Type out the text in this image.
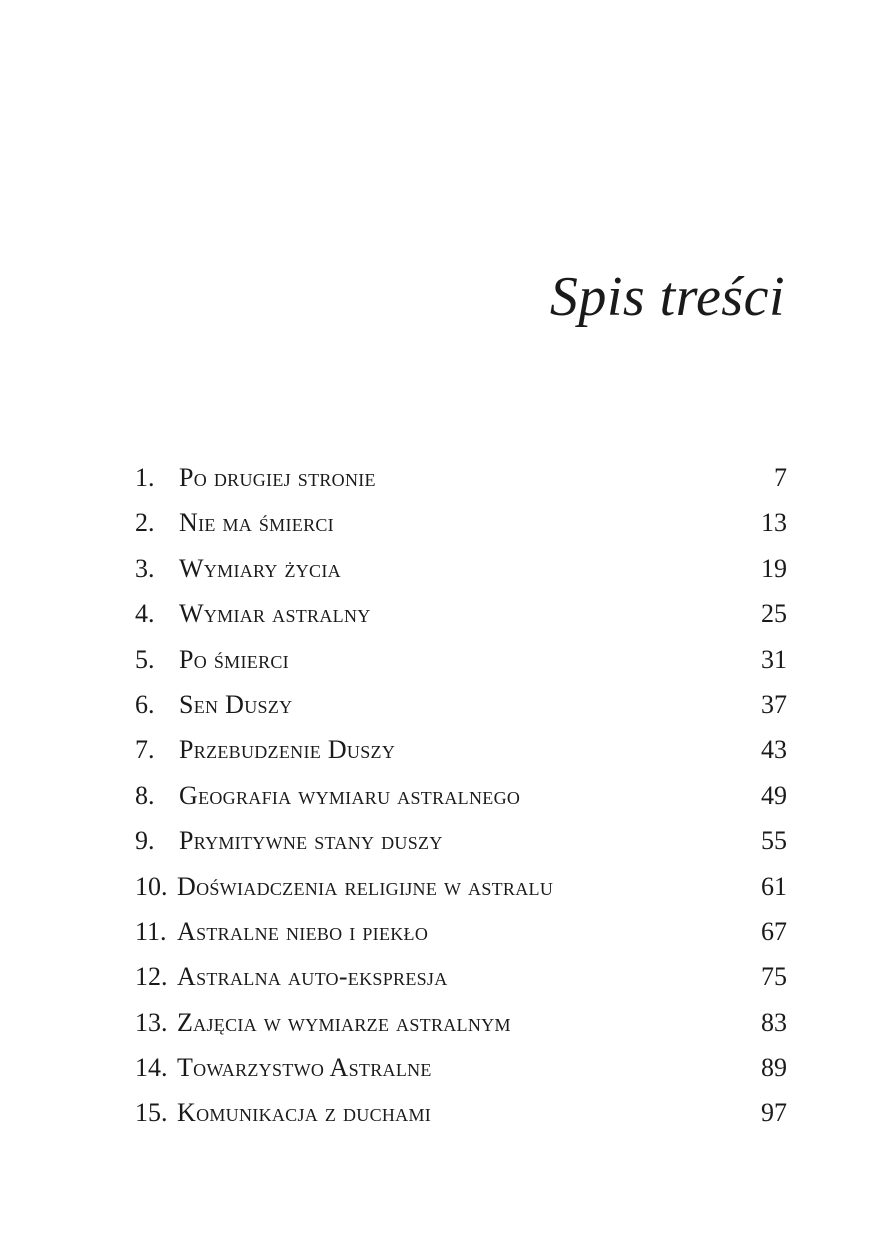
Spis treści
1. Po drugiej stronie	7
2. Nie ma śmierci	13
3. Wymiary życia	19
4. Wymiar astralny	25
5. Po śmierci	31
6. Sen Duszy	37
7. Przebudzenie Duszy	43
8. Geografia wymiaru astralnego	49
9. Prymitywne stany duszy	55
10. Doświadczenia religijne w astralu	61
11. Astralne niebo i piekło	67
12. Astralna auto-ekspresja	75
13. Zajęcia w wymiarze astralnym	83
14. Towarzystwo Astralne	89
15. Komunikacja z duchami	97
